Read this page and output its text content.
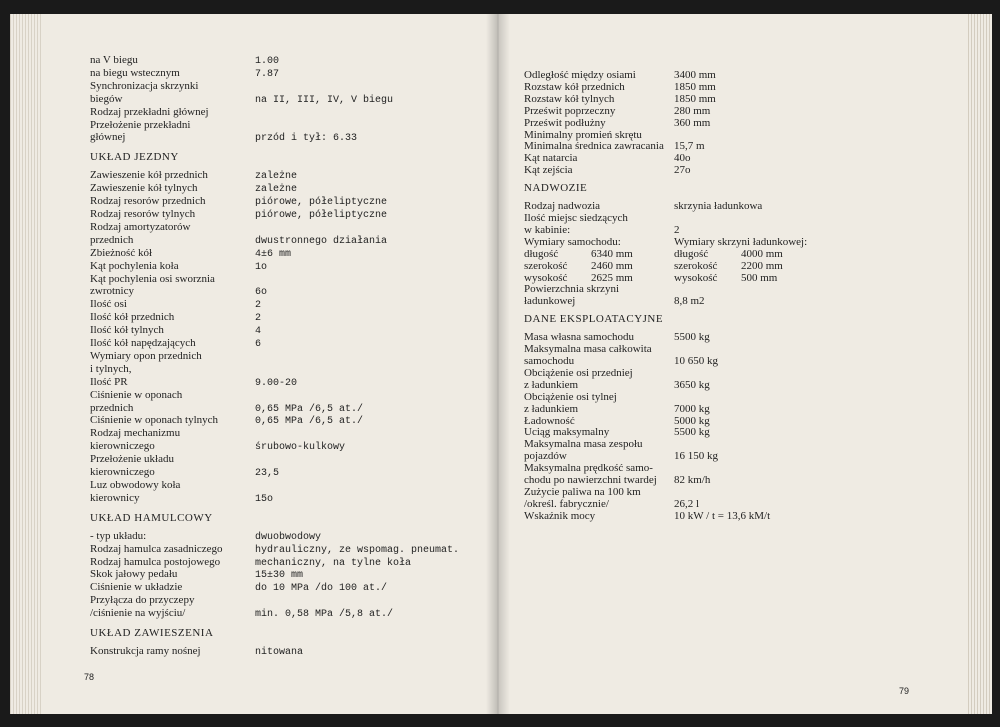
na V biegu	1.00
na biegu wstecznym	7.87
Synchronizacja skrzynki
biegów	na II, III, IV, V biegu
Rodzaj przekładni głównej
Przełożenie przekładni
głównej	przód i tył: 6.33
UKŁAD JEZDNY
Zawieszenie kół przednich	zależne
Zawieszenie kół tylnych	zależne
Rodzaj resorów przednich	piórowe, półeliptyczne
Rodzaj resorów tylnych	piórowe, półeliptyczne
Rodzaj amortyzatorów
przednich	dwustronnego działania
Zbieżność kół	4±6 mm
Kąt pochylenia koła	1o
Kąt pochylenia osi sworznia
zwrotnicy	6o
Ilość osi	2
Ilość kół przednich	2
Ilość kół tylnych	4
Ilość kół napędzających	6
Wymiary opon przednich
i tylnych,
Ilość PR	9.00-20
Ciśnienie w oponach
przednich	0,65 MPa /6,5 at./
Ciśnienie w oponach tylnych	0,65 MPa /6,5 at./
Rodzaj mechanizmu
kierowniczego	śrubowo-kulkowy
Przełożenie układu
kierowniczego	23,5
Luz obwodowy koła
kierownicy	15o
UKŁAD HAMULCOWY
- typ układu:	dwuobwodowy
Rodzaj hamulca zasadniczego	hydrauliczny, ze wspomag. pneumat.
Rodzaj hamulca postojowego	mechaniczny, na tylne koła
Skok jałowy pedału	15±30 mm
Ciśnienie w układzie	do 10 MPa /do 100 at./
Przyłącza do przyczepy
/ciśnienie na wyjściu/	min. 0,58 MPa /5,8 at./
UKŁAD ZAWIESZENIA
Konstrukcja ramy nośnej	nitowana
78
Odległość między osiami	3400 mm
Rozstaw kół przednich	1850 mm
Rozstaw kół tylnych	1850 mm
Prześwit poprzeczny	280 mm
Prześwit podłużny	360 mm
Minimalny promień skrętu
Minimalna średnica zawracania 15,7 m
Kąt natarcia	40o
Kąt zejścia	27o
NADWOZIE
Rodzaj nadwozia	skrzynia ładunkowa
Ilość miejsc siedzących
w kabinie:	2
Wymiary samochodu:	Wymiary skrzyni ładunkowej:
długość	6340 mm	długość	4000 mm
szerokość 2460 mm	szerokość 2200 mm
wysokość 2625 mm	wysokość 500 mm
Powierzchnia skrzyni
ładunkowej	8,8 m2
DANE EKSPLOATACYJNE
Masa własna samochodu	5500 kg
Maksymalna masa całkowita
samochodu	10 650 kg
Obciążenie osi przedniej
z ładunkiem	3650 kg
Obciążenie osi tylnej
z ładunkiem	7000 kg
Ładowność	5000 kg
Uciąg maksymalny	5500 kg
Maksymalna masa zespołu
pojazdów	16 150 kg
Maksymalna prędkość samo-
chodu po nawierzchni twardej 82 km/h
Zużycie paliwa na 100 km
/określ. fabrycznie/	26,2 l
Wskaźnik mocy	10 kW / t = 13,6 kM/t
79
